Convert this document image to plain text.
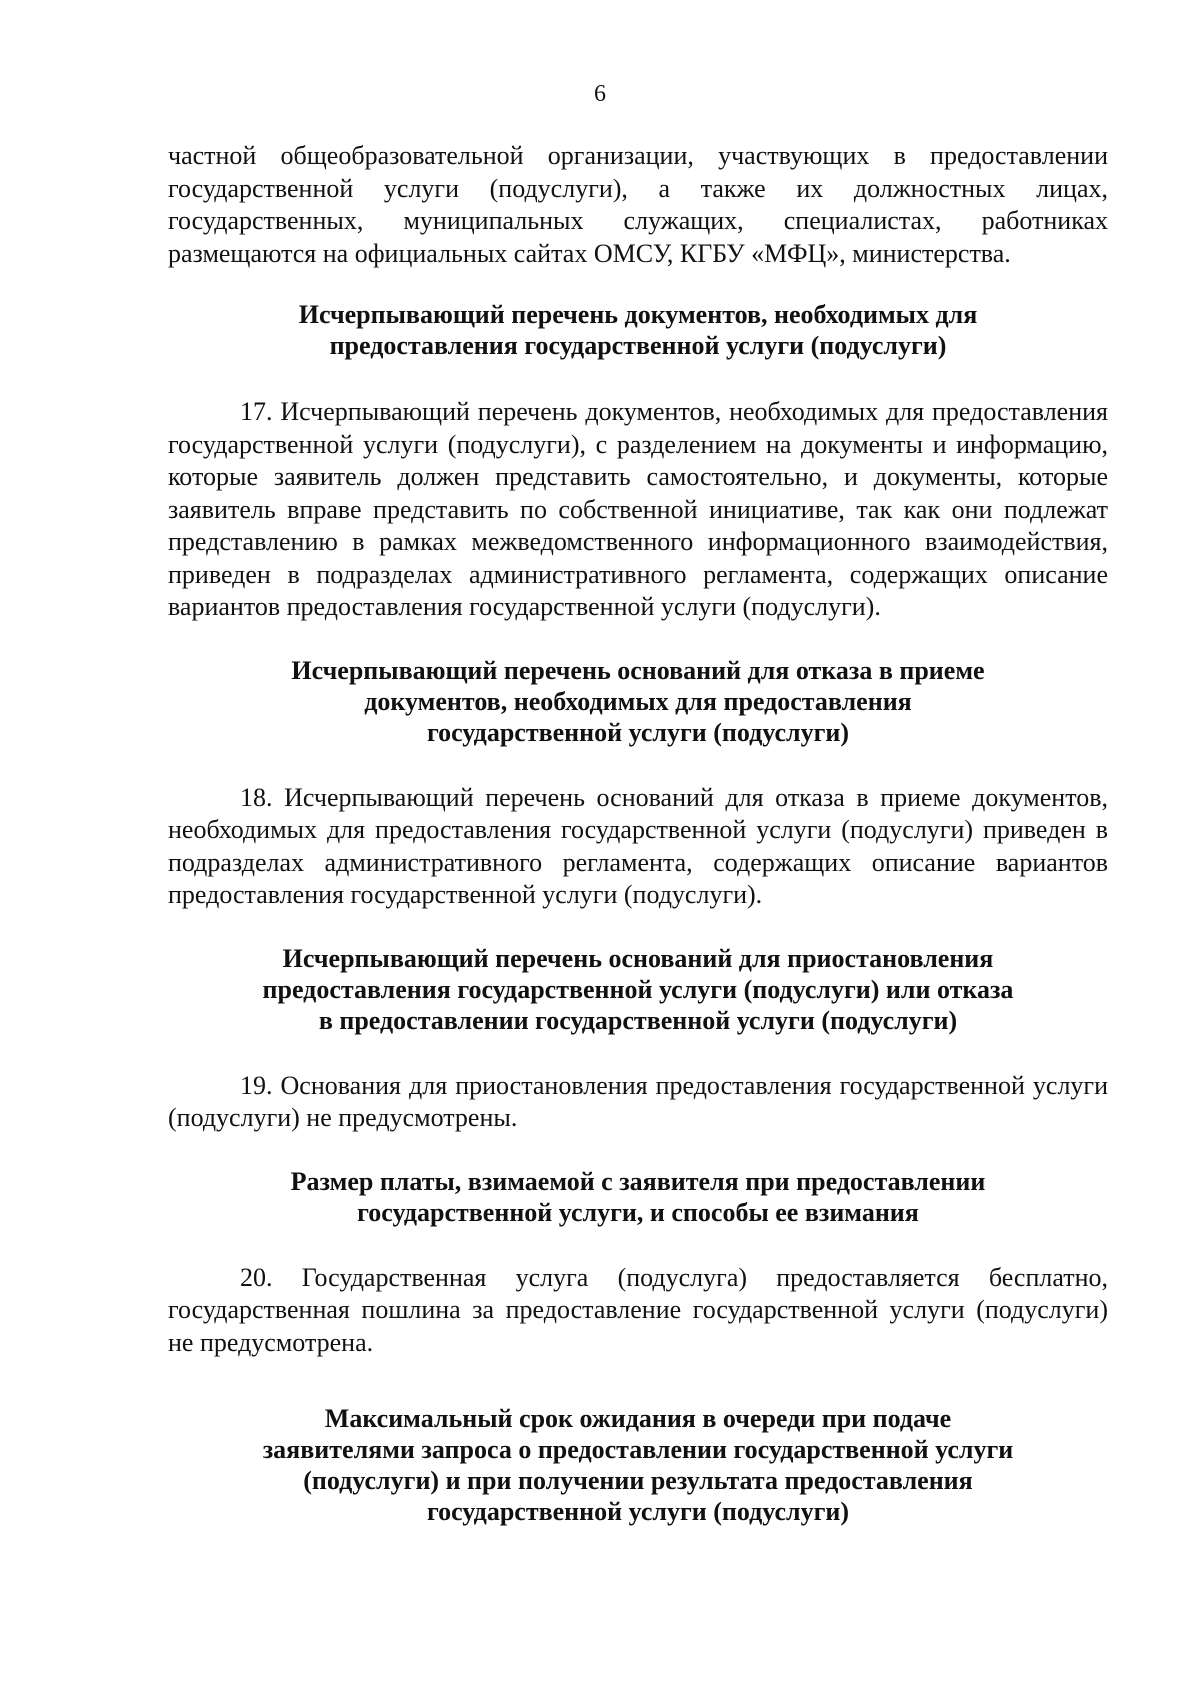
6

частной общеобразовательной организации, участвующих в предоставлении государственной услуги (подуслуги), а также их должностных лицах, государственных, муниципальных служащих, специалистах, работниках размещаются на официальных сайтах ОМСУ, КГБУ «МФЦ», министерства.

Исчерпывающий перечень документов, необходимых для
предоставления государственной услуги (подуслуги)

17. Исчерпывающий перечень документов, необходимых для предоставления государственной услуги (подуслуги), с разделением на документы и информацию, которые заявитель должен представить самостоятельно, и документы, которые заявитель вправе представить по собственной инициативе, так как они подлежат представлению в рамках межведомственного информационного взаимодействия, приведен в подразделах административного регламента, содержащих описание вариантов предоставления государственной услуги (подуслуги).

Исчерпывающий перечень оснований для отказа в приеме
документов, необходимых для предоставления
государственной услуги (подуслуги)

18. Исчерпывающий перечень оснований для отказа в приеме документов, необходимых для предоставления государственной услуги (подуслуги) приведен в подразделах административного регламента, содержащих описание вариантов предоставления государственной услуги (подуслуги).

Исчерпывающий перечень оснований для приостановления
предоставления государственной услуги (подуслуги) или отказа
в предоставлении государственной услуги (подуслуги)

19. Основания для приостановления предоставления государственной услуги (подуслуги) не предусмотрены.

Размер платы, взимаемой с заявителя при предоставлении
государственной услуги, и способы ее взимания

20. Государственная услуга (подуслуга) предоставляется бесплатно, государственная пошлина за предоставление государственной услуги (подуслуги) не предусмотрена.

Максимальный срок ожидания в очереди при подаче
заявителями запроса о предоставлении государственной услуги
(подуслуги) и при получении результата предоставления
государственной услуги (подуслуги)
